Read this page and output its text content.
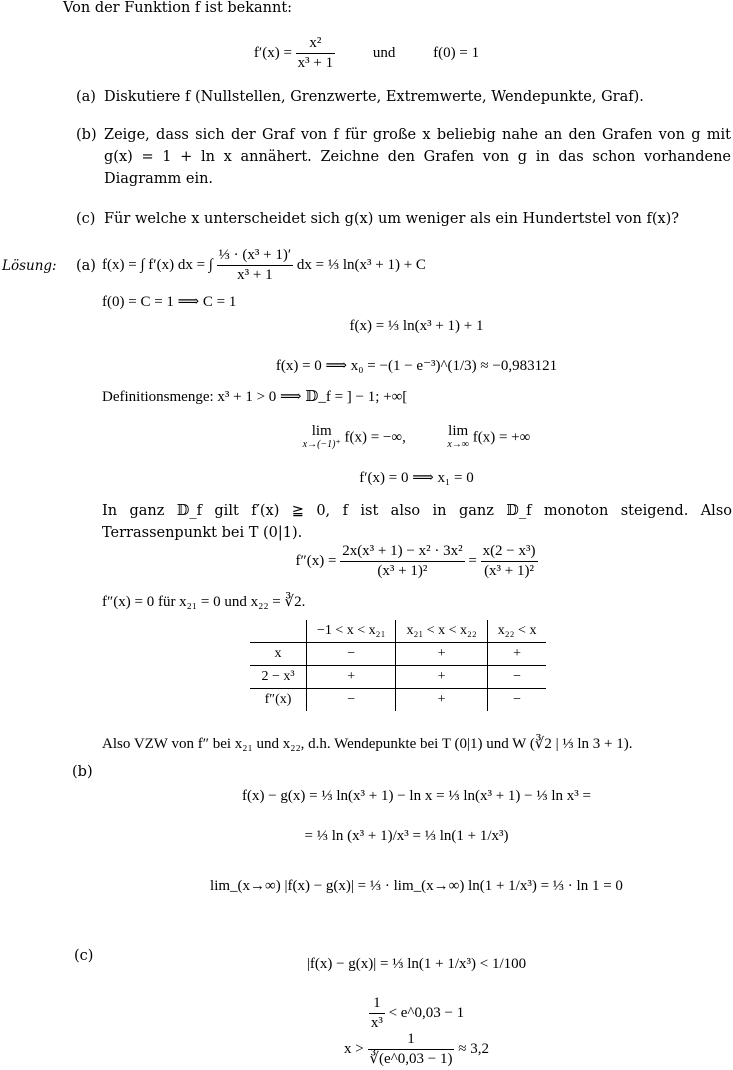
Von der Funktion f ist bekannt:
$f'(x) = \frac{\text{x²}}{\text{x³ + 1}}$	und	f(0) = 1
(a) Diskutiere f (Nullstellen, Grenzwerte, Extremwerte, Wendepunkte, Graf).
(b) Zeige, dass sich der Graf von f für große x beliebig nahe an den Grafen von g mit g(x) = 1 + ln x annähert. Zeichne den Grafen von g in das schon vorhandene Diagramm ein.
(c) Für welche x unterscheidet sich g(x) um weniger als ein Hundertstel von f(x)?
Lösung: (a) f(x) = ∫ f′(x) dx = ∫ $\frac{\text{⅓ · (x³ + 1)′}}{\text{x³ + 1}}$ dx = ⅓ ln(x³ + 1) + C
f(0) = C = 1 ⟹ C = 1
f(x) = ⅓ ln(x³ + 1) + 1
f(x) = 0 ⟹ x₀ = −(1 − e⁻³)^(1/3) ≈ −0,983121
Definitionsmenge: x³ + 1 > 0 ⟹ 𝔻_f = ] − 1; +∞[
lim
x→(−1)⁺ f(x) = −∞,	lim
x→∞ f(x) = +∞
f′(x) = 0 ⟹ x₁ = 0
In ganz 𝔻_f gilt f′(x) ≧ 0, f ist also in ganz 𝔻_f monoton steigend. Also Terrassenpunkt bei T (0|1).
$f''(x) = \frac{\text{2x(x³ + 1) − x² · 3x²}}{\text{(x³ + 1)²}} = \frac{\text{x(2 − x³)}}{\text{(x³ + 1)²}}$
f″(x) = 0 für x₂₁ = 0 und x₂₂ = ∛2.
	−1 < x < x₂₁	x₂₁ < x < x₂₂	x₂₂ < x
x	−	+	+
2 − x³	+	+	−
f″(x)	−	+	−
Also VZW von f″ bei x₂₁ und x₂₂, d.h. Wendepunkte bei T (0|1) und W (∛2 | ⅓ ln 3 + 1).
(b)
f(x) − g(x) = ⅓ ln(x³ + 1) − ln x = ⅓ ln(x³ + 1) − ⅓ ln x³ =
= ⅓ ln (x³ + 1)/x³ = ⅓ ln(1 + 1/x³)
lim_(x→∞) |f(x) − g(x)| = ⅓ · lim_(x→∞) ln(1 + 1/x³) = ⅓ · ln 1 = 0
(c)	|f(x) − g(x)| = ⅓ ln(1 + 1/x³) < 1/100
$\frac{1}{\text{x³}}$ < e^0,03 − 1
$x > \frac{1}{∛(e\^{}0,03 - 1)} \approx 3,2$
